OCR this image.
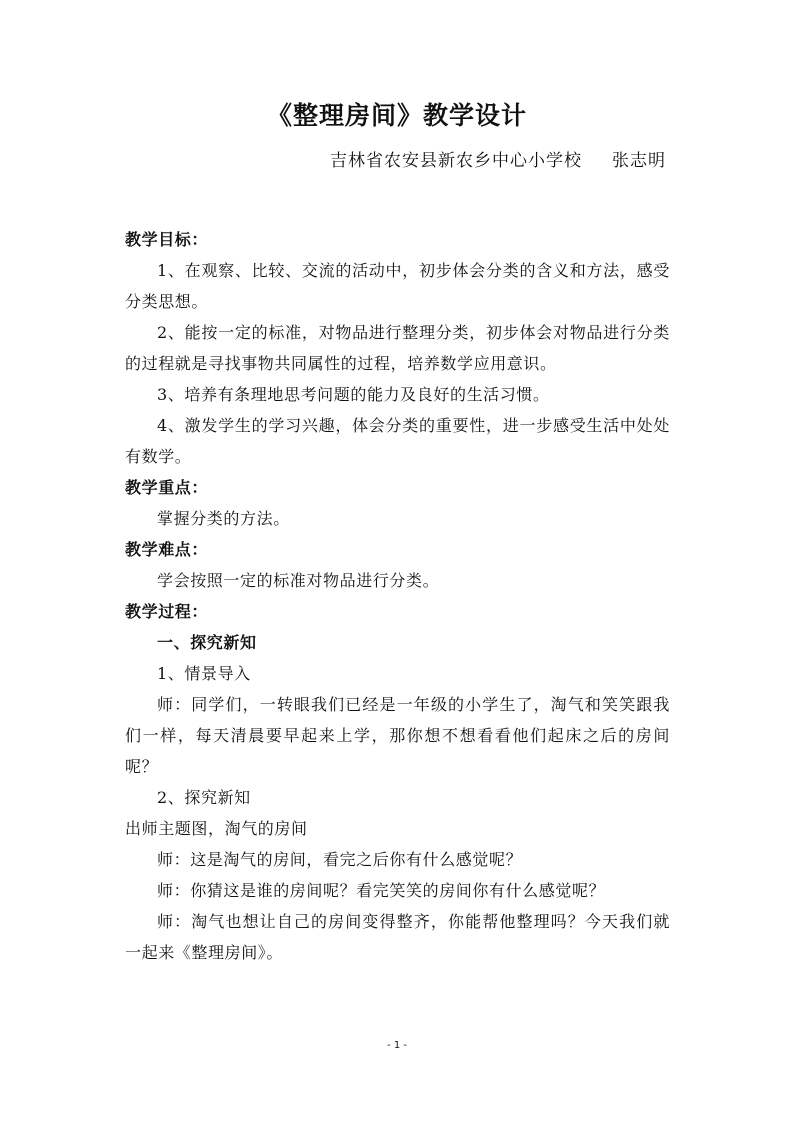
《整理房间》教学设计
吉林省农安县新农乡中心小学校 张志明

教学目标：

1、在观察、比较、交流的活动中，初步体会分类的含义和方法，感受分类思想。

2、能按一定的标准，对物品进行整理分类，初步体会对物品进行分类的过程就是寻找事物共同属性的过程，培养数学应用意识。

3、培养有条理地思考问题的能力及良好的生活习惯。

4、激发学生的学习兴趣，体会分类的重要性，进一步感受生活中处处有数学。

教学重点：

掌握分类的方法。

教学难点：

学会按照一定的标准对物品进行分类。

教学过程：

一、探究新知

1、情景导入

师：同学们，一转眼我们已经是一年级的小学生了，淘气和笑笑跟我们一样，每天清晨要早起来上学，那你想不想看看他们起床之后的房间呢？

2、探究新知

出师主题图，淘气的房间

师：这是淘气的房间，看完之后你有什么感觉呢？

师：你猜这是谁的房间呢？看完笑笑的房间你有什么感觉呢？

师：淘气也想让自己的房间变得整齐，你能帮他整理吗？今天我们就一起来《整理房间》。

- 1 -
